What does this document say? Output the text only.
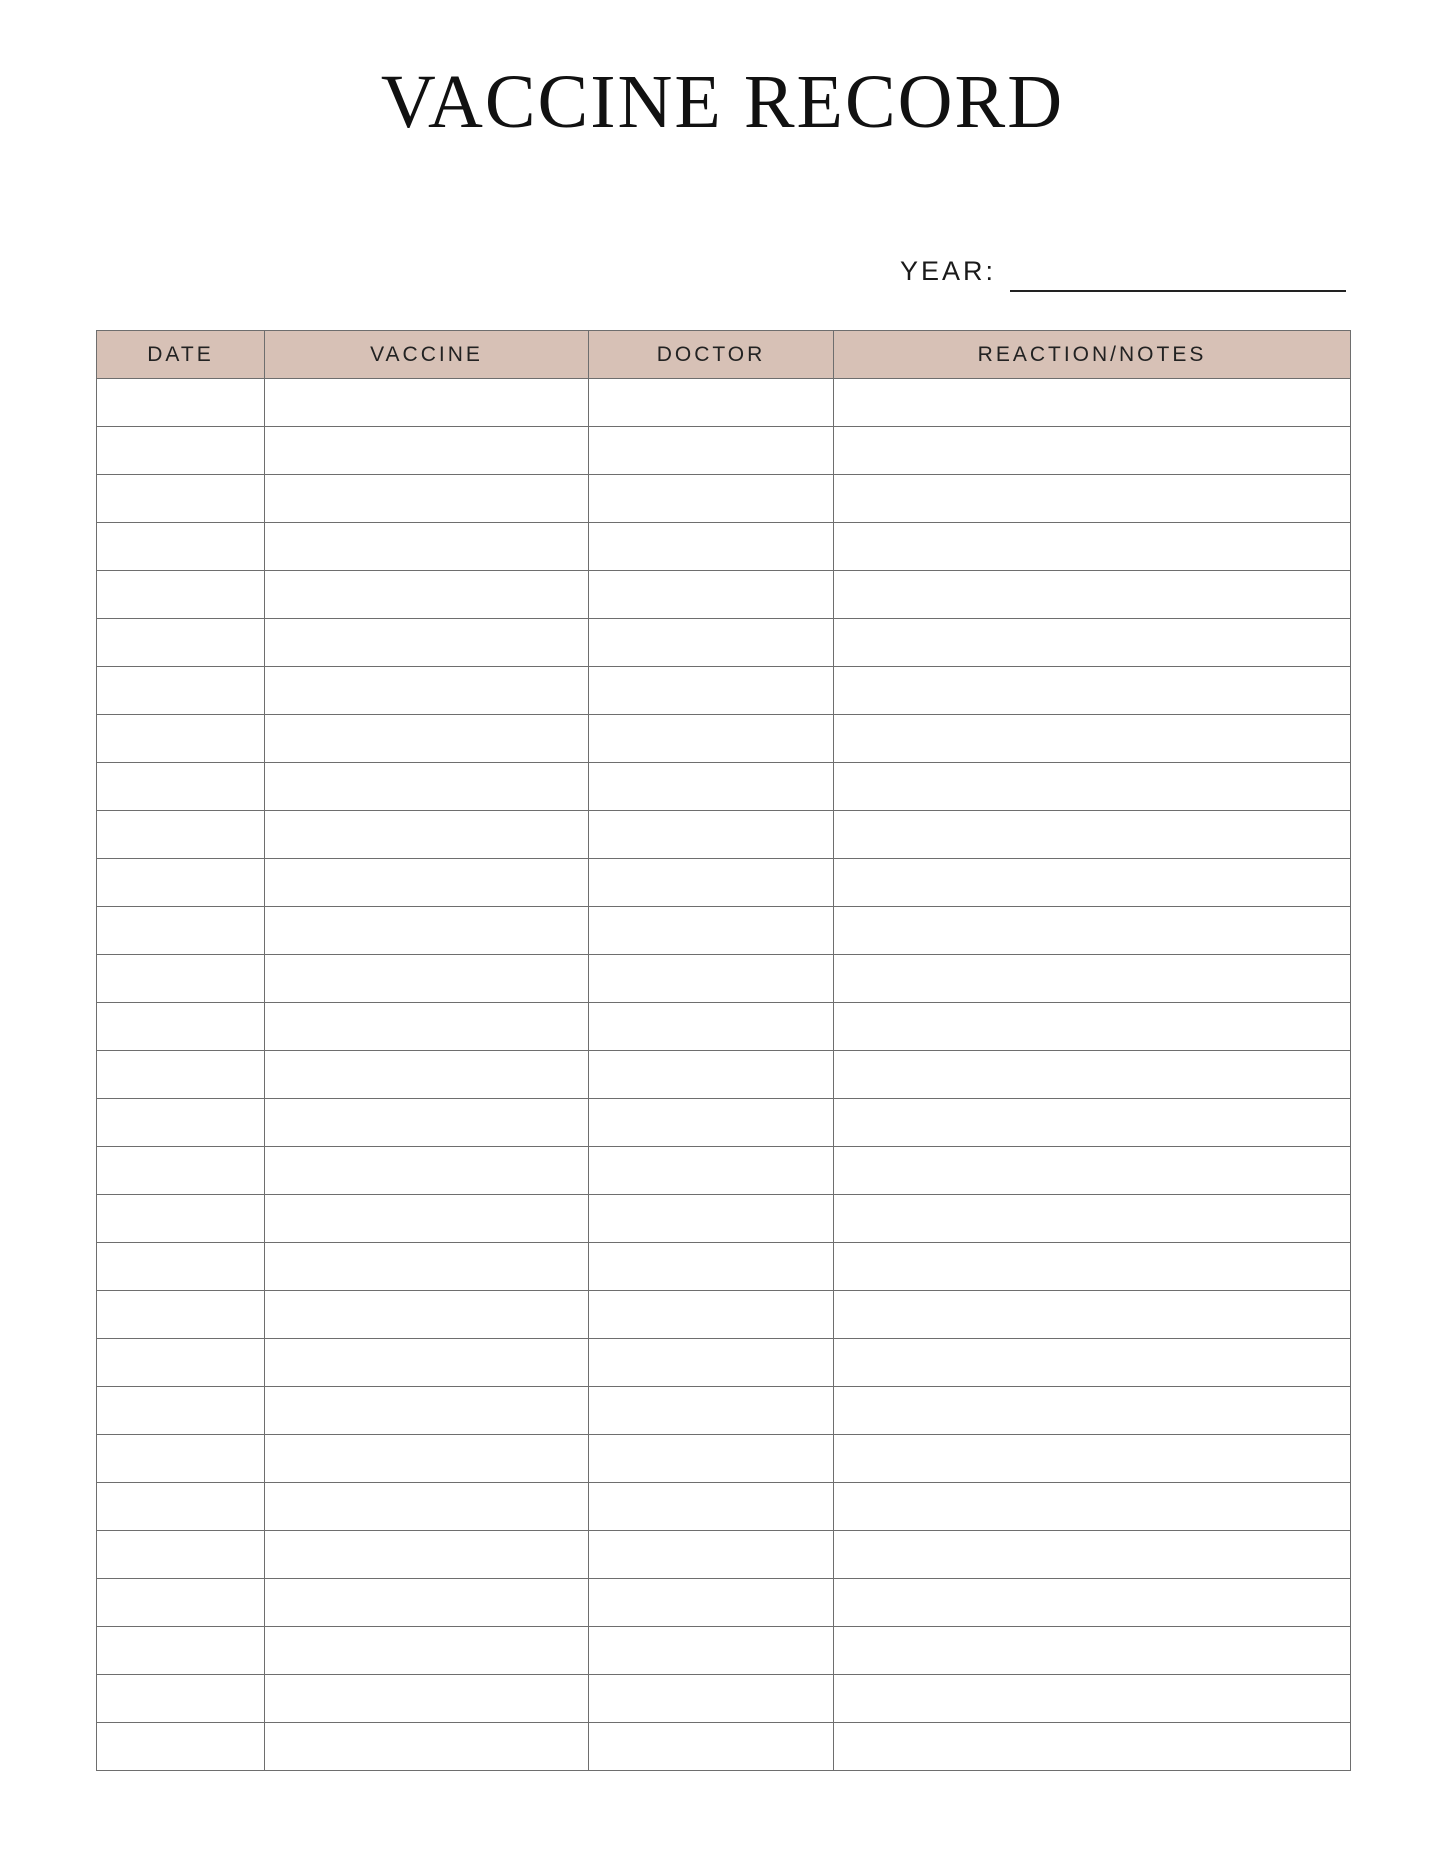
VACCINE RECORD
YEAR:
DATE	VACCINE	DOCTOR	REACTION/NOTES
